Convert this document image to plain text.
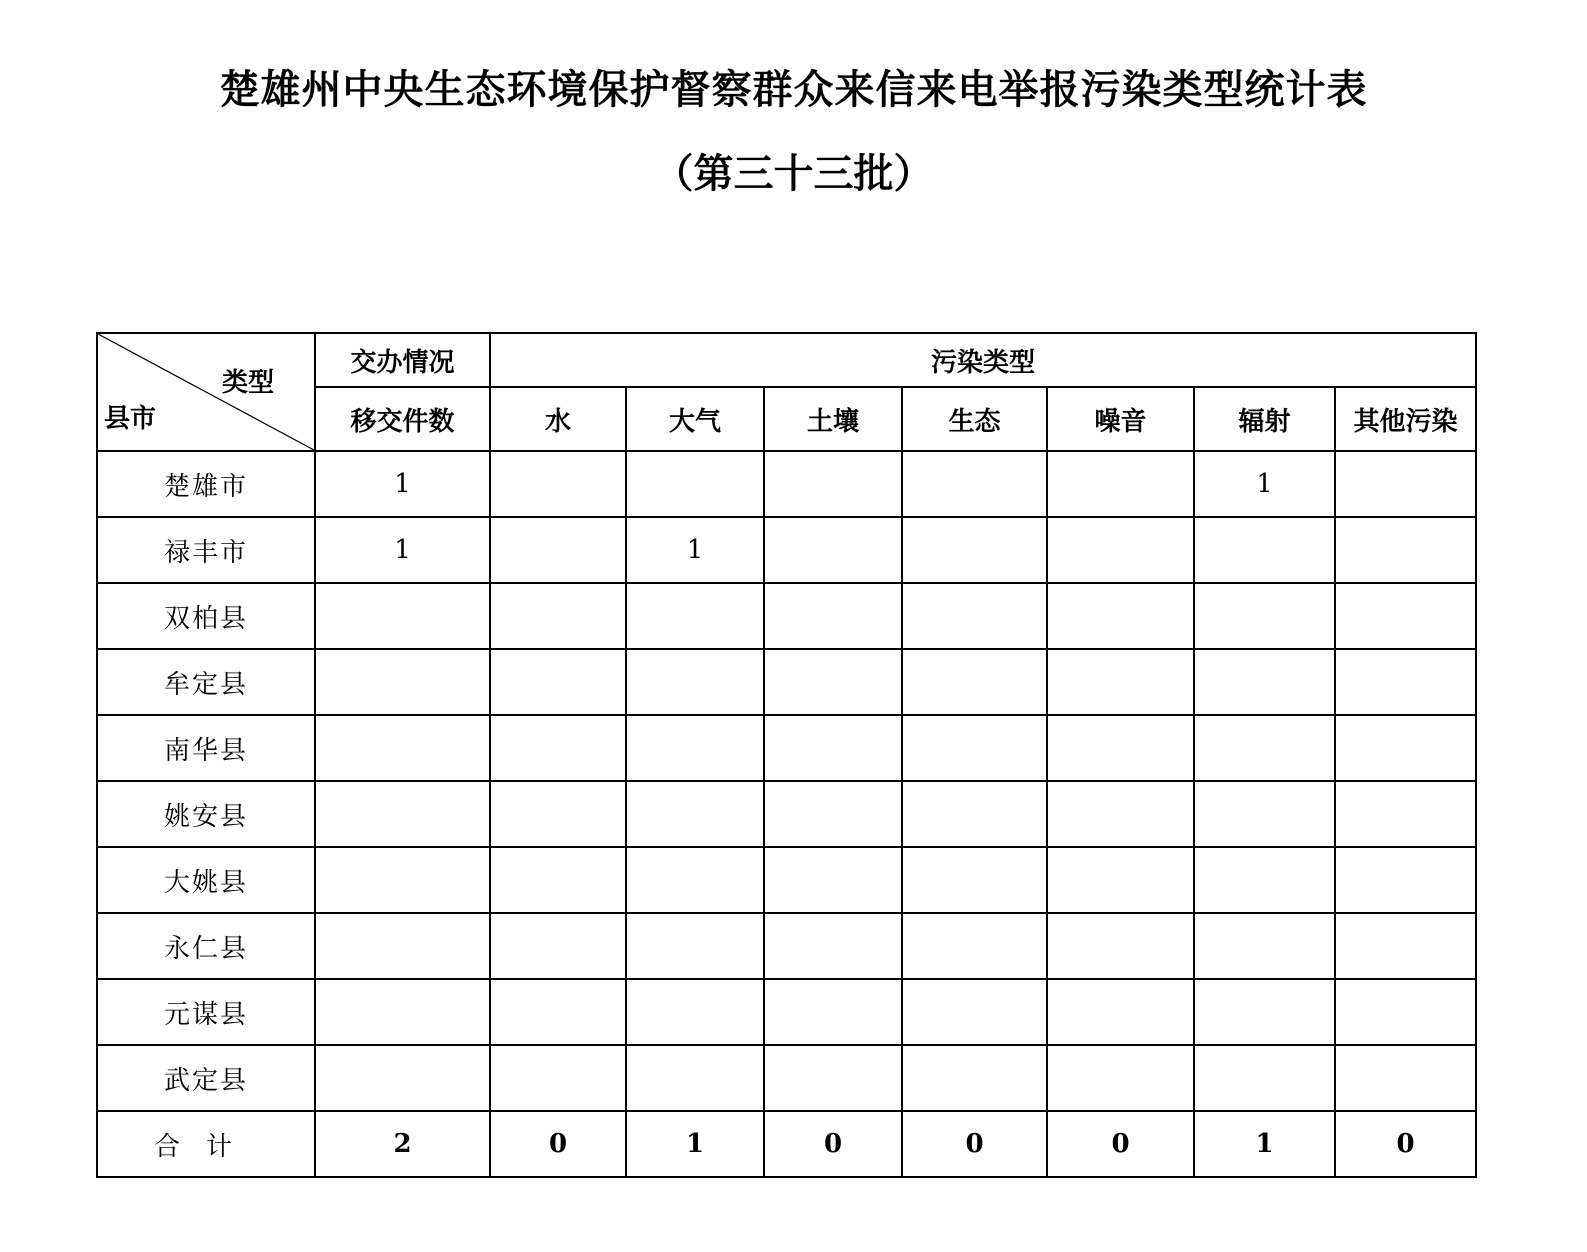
楚雄州中央生态环境保护督察群众来信来电举报污染类型统计表
（第三十三批）
类型
县市	交办情况	污染类型						
	移交件数	水	大气	土壤	生态	噪音	辐射	其他污染
楚雄市	1						1	
禄丰市	1		1					
双柏县								
牟定县								
南华县								
姚安县								
大姚县								
永仁县								
元谋县								
武定县								
合计	2	0	1	0	0	0	1	0
